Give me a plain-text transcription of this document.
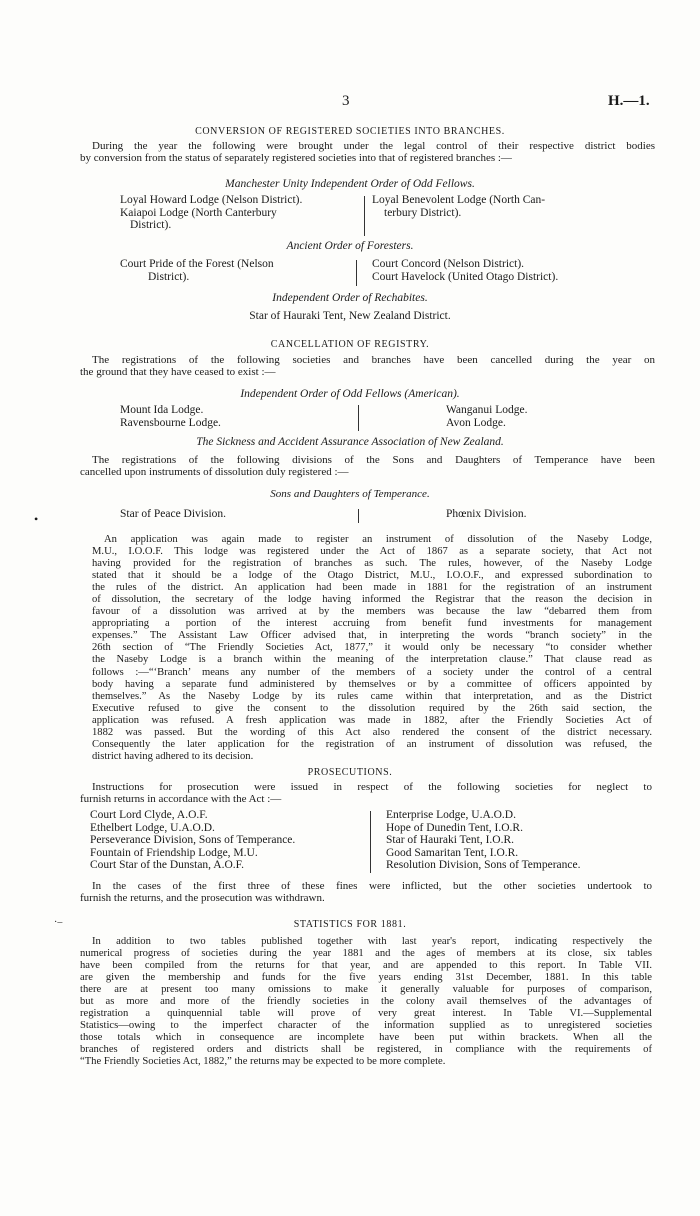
3	H.—1.
CONVERSION OF REGISTERED SOCIETIES INTO BRANCHES.
During the year the following were brought under the legal control of their respective district bodies
by conversion from the status of separately registered societies into that of registered branches :—
Manchester Unity Independent Order of Odd Fellows.
Loyal Howard Lodge (Nelson District).
Kaiapoi Lodge (North Canterbury
District).
Loyal Benevolent Lodge (North Can-
terbury District).
Ancient Order of Foresters.
Court Pride of the Forest (Nelson
District).
Court Concord (Nelson District).
Court Havelock (United Otago District).
Independent Order of Rechabites.
Star of Hauraki Tent, New Zealand District.
CANCELLATION OF REGISTRY.
The registrations of the following societies and branches have been cancelled during the year on
the ground that they have ceased to exist :—
Independent Order of Odd Fellows (American).
Mount Ida Lodge.
Ravensbourne Lodge.
Wanganui Lodge.
Avon Lodge.
The Sickness and Accident Assurance Association of New Zealand.
The registrations of the following divisions of the Sons and Daughters of Temperance have been
cancelled upon instruments of dissolution duly registered :—
Sons and Daughters of Temperance.
Star of Peace Division.	Phœnix Division.
•
An application was again made to register an instrument of dissolution of the Naseby Lodge,
M.U., I.O.O.F. This lodge was registered under the Act of 1867 as a separate society, that Act not
having provided for the registration of branches as such. The rules, however, of the Naseby Lodge
stated that it should be a lodge of the Otago District, M.U., I.O.O.F., and expressed subordination to
the rules of the district. An application had been made in 1881 for the registration of an instrument
of dissolution, the secretary of the lodge having informed the Registrar that the reason the decision in
favour of a dissolution was arrived at by the members was because the law “debarred them from
appropriating a portion of the interest accruing from benefit fund investments for management
expenses.” The Assistant Law Officer advised that, in interpreting the words “branch society” in the
26th section of “The Friendly Societies Act, 1877,” it would only be necessary “to consider whether
the Naseby Lodge is a branch within the meaning of the interpretation clause.” That clause read as
follows :—“‘Branch’ means any number of the members of a society under the control of a central
body having a separate fund administered by themselves or by a committee of officers appointed by
themselves.” As the Naseby Lodge by its rules came within that interpretation, and as the District
Executive refused to give the consent to the dissolution required by the 26th said section, the
application was refused. A fresh application was made in 1882, after the Friendly Societies Act of
1882 was passed. But the wording of this Act also rendered the consent of the district necessary.
Consequently the later application for the registration of an instrument of dissolution was refused, the
district having adhered to its decision.
PROSECUTIONS.
Instructions for prosecution were issued in respect of the following societies for neglect to
furnish returns in accordance with the Act :—
Court Lord Clyde, A.O.F.
Ethelbert Lodge, U.A.O.D.
Perseverance Division, Sons of Temperance.
Fountain of Friendship Lodge, M.U.
Court Star of the Dunstan, A.O.F.
Enterprise Lodge, U.A.O.D.
Hope of Dunedin Tent, I.O.R.
Star of Hauraki Tent, I.O.R.
Good Samaritan Tent, I.O.R.
Resolution Division, Sons of Temperance.
In the cases of the first three of these fines were inflicted, but the other societies undertook to
furnish the returns, and the prosecution was withdrawn.
·–	STATISTICS FOR 1881.
In addition to two tables published together with last year's report, indicating respectively the
numerical progress of societies during the year 1881 and the ages of members at its close, six tables
have been compiled from the returns for that year, and are appended to this report. In Table VII.
are given the membership and funds for the five years ending 31st December, 1881. In this table
there are at present too many omissions to make it generally valuable for purposes of comparison,
but as more and more of the friendly societies in the colony avail themselves of the advantages of
registration a quinquennial table will prove of very great interest. In Table VI.—Supplemental
Statistics—owing to the imperfect character of the information supplied as to unregistered societies
those totals which in consequence are incomplete have been put within brackets. When all the
branches of registered orders and districts shall be registered, in compliance with the requirements of
“The Friendly Societies Act, 1882,” the returns may be expected to be more complete.
